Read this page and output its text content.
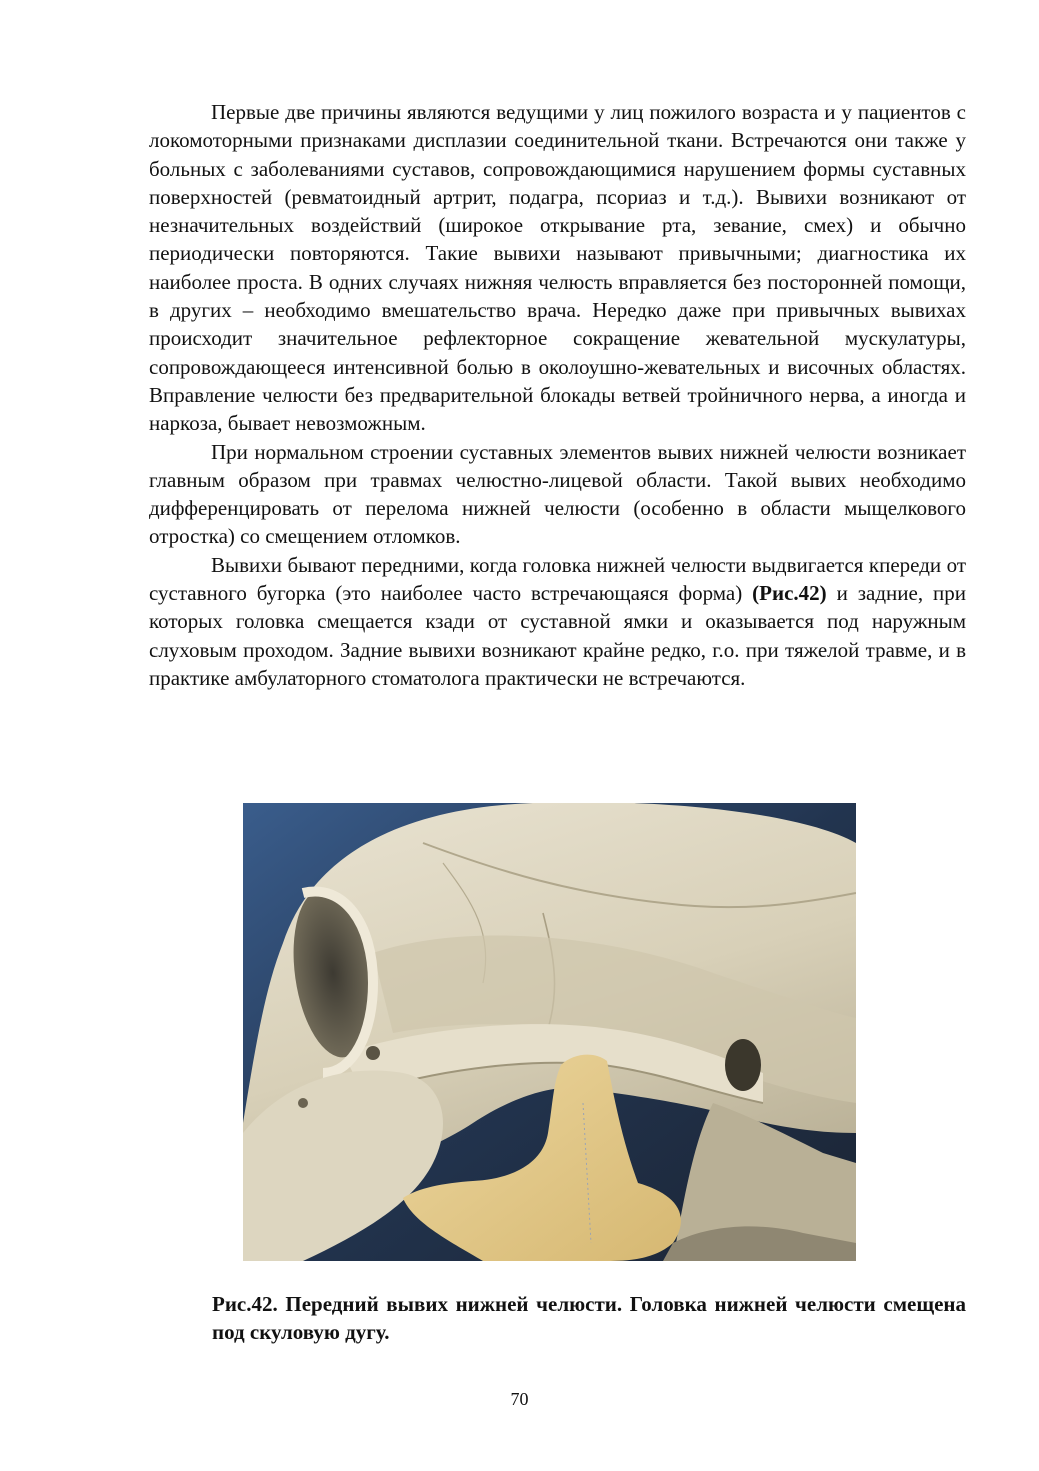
Первые две причины являются ведущими у лиц пожилого возраста и у пациентов с локомоторными признаками дисплазии соединительной ткани. Встречаются они также у больных с заболеваниями суставов, сопровождающимися нарушением формы суставных поверхностей (ревматоидный артрит, подагра, псориаз и т.д.). Вывихи возникают от незначительных воздействий (широкое открывание рта, зевание, смех) и обычно периодически повторяются. Такие вывихи называют привычными; диагностика их наиболее проста. В одних случаях нижняя челюсть вправляется без посторонней помощи, в других – необходимо вмешательство врача. Нередко даже при привычных вывихах происходит значительное рефлекторное сокращение жевательной мускулатуры, сопровождающееся интенсивной болью в околоушно-жевательных и височных областях. Вправление челюсти без предварительной блокады ветвей тройничного нерва, а иногда и наркоза, бывает невозможным.

При нормальном строении суставных элементов вывих нижней челюсти возникает главным образом при травмах челюстно-лицевой области. Такой вывих необходимо дифференцировать от перелома нижней челюсти (особенно в области мыщелкового отростка) со смещением отломков.

Вывихи бывают передними, когда головка нижней челюсти выдвигается кпереди от суставного бугорка (это наиболее часто встречающаяся форма) (Рис.42) и задние, при которых головка смещается кзади от суставной ямки и оказывается под наружным слуховым проходом. Задние вывихи возникают крайне редко, г.о. при тяжелой травме, и в практике амбулаторного стоматолога практически не встречаются.

Рис.42. Передний вывих нижней челюсти. Головка нижней челюсти смещена под скуловую дугу.
70
